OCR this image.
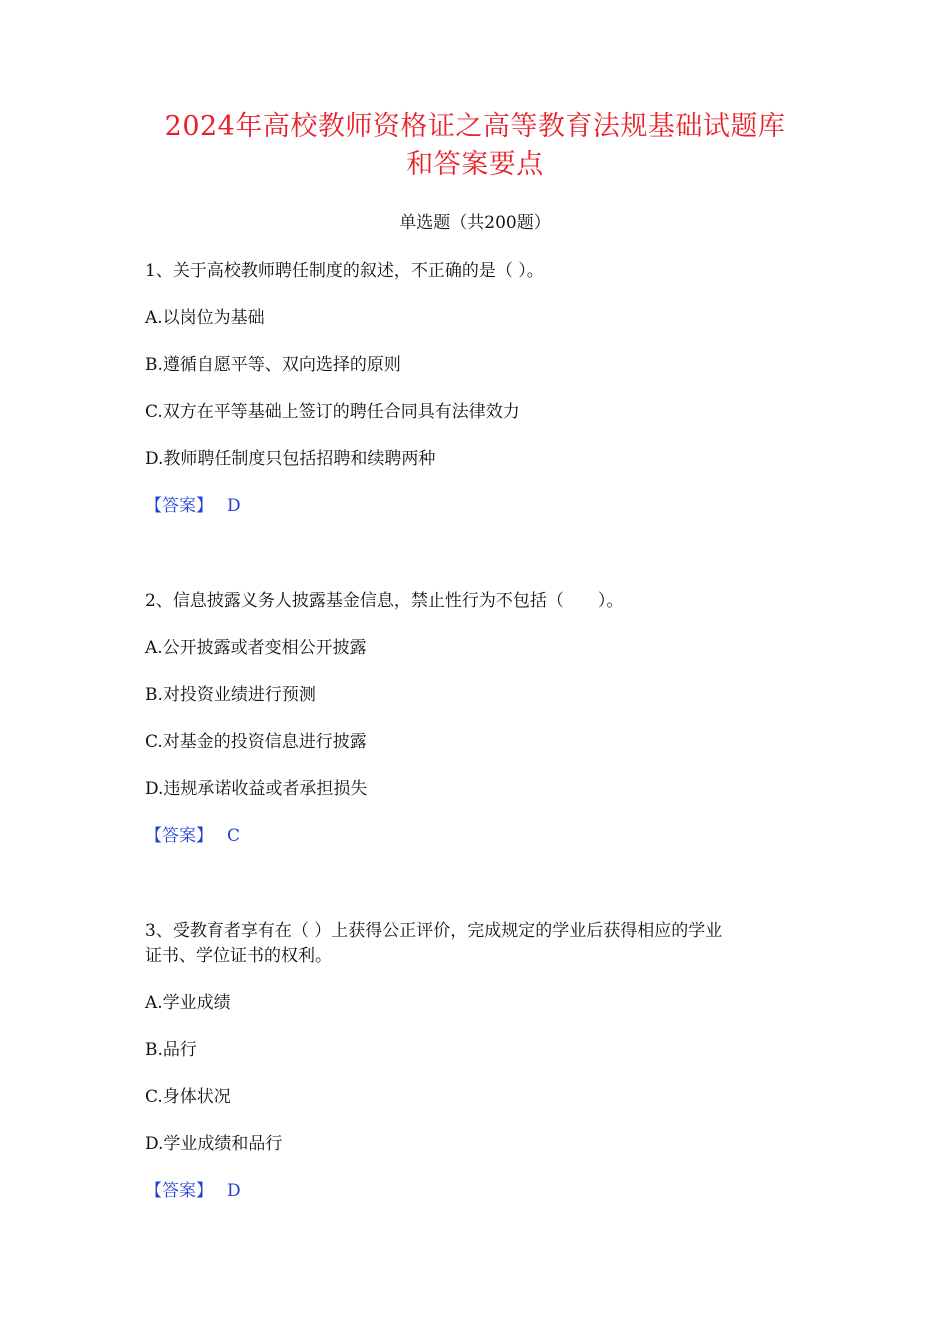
2024年高校教师资格证之高等教育法规基础试题库
和答案要点
单选题（共200题）
1、关于高校教师聘任制度的叙述，不正确的是（ ）。
A.以岗位为基础
B.遵循自愿平等、双向选择的原则
C.双方在平等基础上签订的聘任合同具有法律效力
D.教师聘任制度只包括招聘和续聘两种
【答案】 D
2、信息披露义务人披露基金信息，禁止性行为不包括（　　）。
A.公开披露或者变相公开披露
B.对投资业绩进行预测
C.对基金的投资信息进行披露
D.违规承诺收益或者承担损失
【答案】 C
3、受教育者享有在（ ）上获得公正评价，完成规定的学业后获得相应的学业
证书、学位证书的权利。
A.学业成绩
B.品行
C.身体状况
D.学业成绩和品行
【答案】 D
